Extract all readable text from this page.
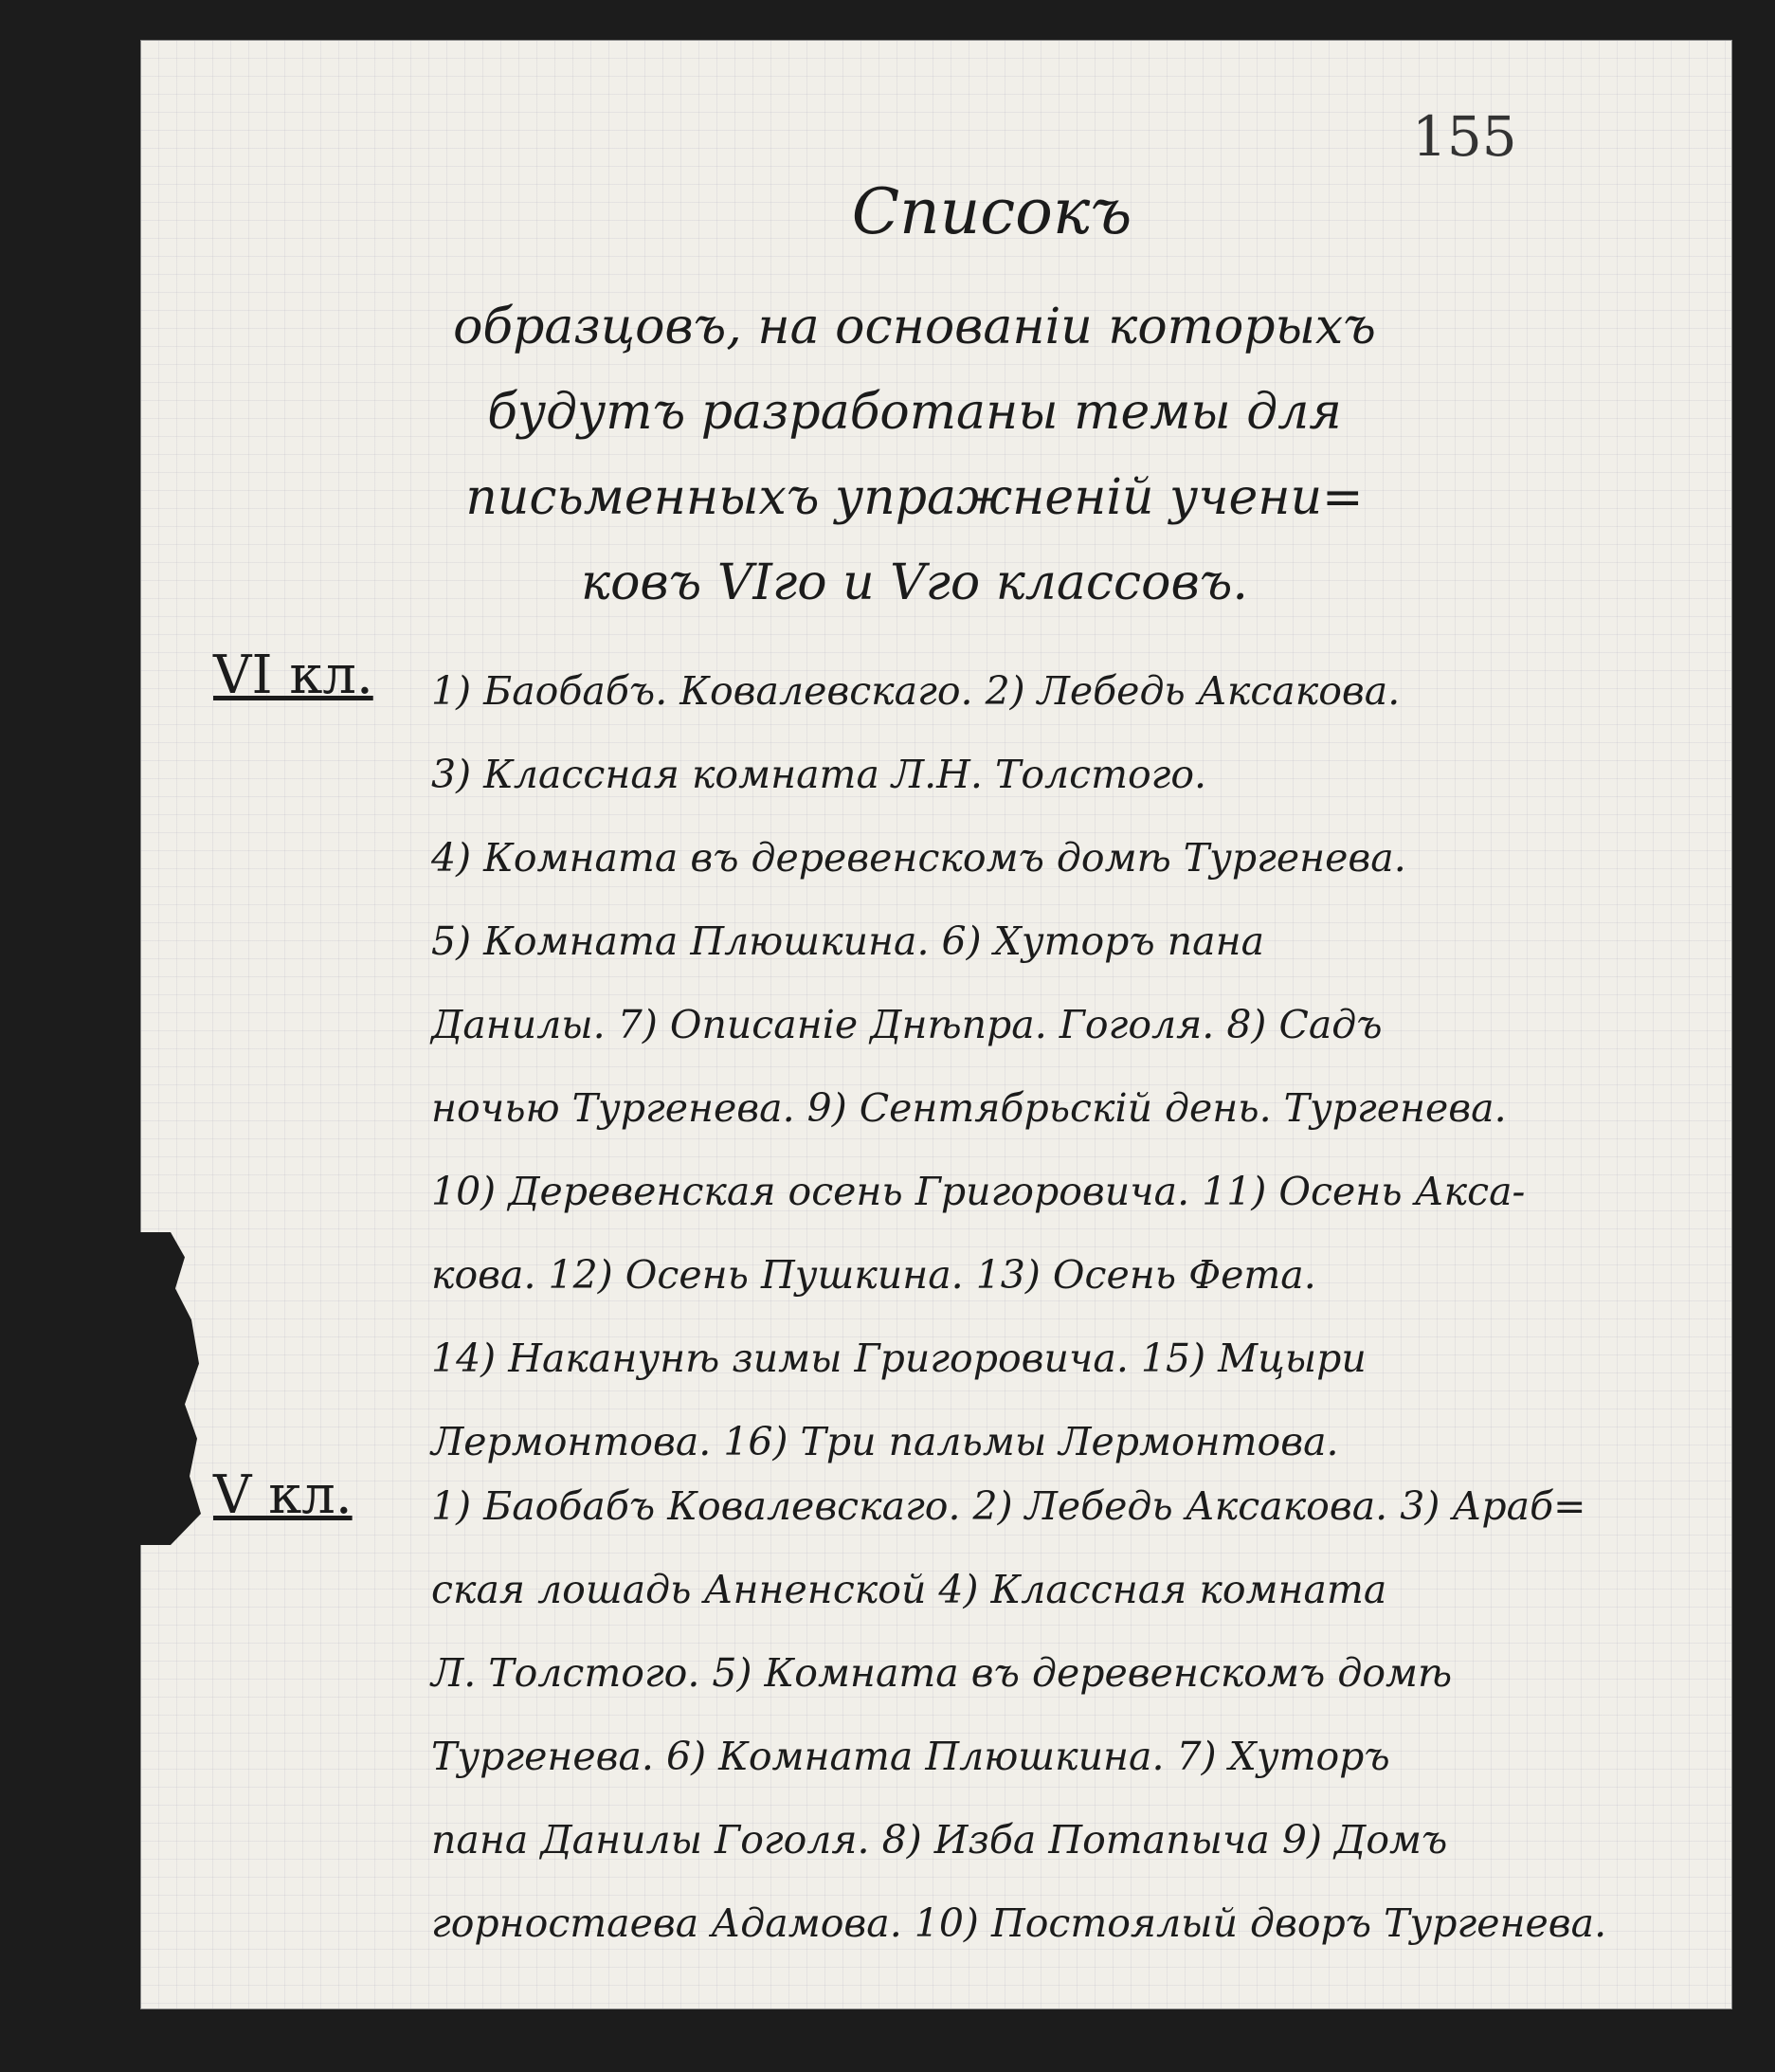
155
Списокъ
образцовъ, на основаніи которыхъ
будутъ разработаны темы для
письменныхъ упражненій учени=
ковъ VIго и Vго классовъ.
VI кл. 1) Баобабъ. Ковалевскаго. 2) Лебедь Аксакова.
3) Классная комната Л.Н. Толстого.
4) Комната въ деревенскомъ домѣ Тургенева.
5) Комната Плюшкина. 6) Хуторъ пана
Данилы. 7) Описаніе Днѣпра. Гоголя. 8) Садъ
ночью Тургенева. 9) Сентябрьскій день. Тургенева.
10) Деревенская осень Григоровича. 11) Осень Акса-
кова. 12) Осень Пушкина. 13) Осень Фета.
14) Наканунѣ зимы Григоровича. 15) Мцыри
Лермонтова. 16) Три пальмы Лермонтова.
V кл. 1) Баобабъ Ковалевскаго. 2) Лебедь Аксакова. 3) Араб=
ская лошадь Анненской 4) Классная комната
Л. Толстого. 5) Комната въ деревенскомъ домѣ
Тургенева. 6) Комната Плюшкина. 7) Хуторъ
пана Данилы Гоголя. 8) Изба Потапыча 9) Домъ
горностаева Адамова. 10) Постоялый дворъ Тургенева.
